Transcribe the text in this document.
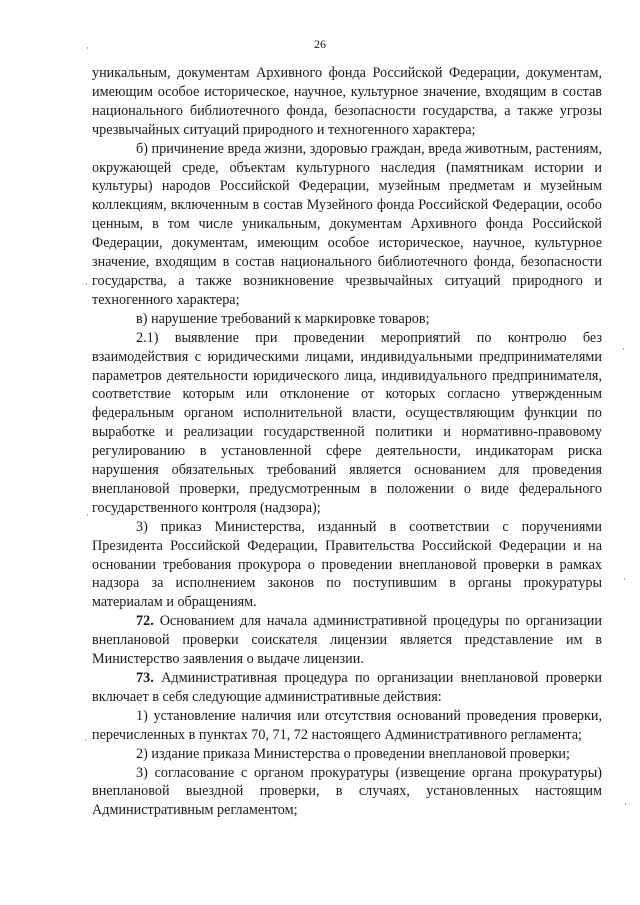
26

уникальным, документам Архивного фонда Российской Федерации, документам, имеющим особое историческое, научное, культурное значение, входящим в состав национального библиотечного фонда, безопасности государства, а также угрозы чрезвычайных ситуаций природного и техногенного характера;

б) причинение вреда жизни, здоровью граждан, вреда животным, растениям, окружающей среде, объектам культурного наследия (памятникам истории и культуры) народов Российской Федерации, музейным предметам и музейным коллекциям, включенным в состав Музейного фонда Российской Федерации, особо ценным, в том числе уникальным, документам Архивного фонда Российской Федерации, документам, имеющим особое историческое, научное, культурное значение, входящим в состав национального библиотечного фонда, безопасности государства, а также возникновение чрезвычайных ситуаций природного и техногенного характера;

в) нарушение требований к маркировке товаров;

2.1) выявление при проведении мероприятий по контролю без взаимодействия с юридическими лицами, индивидуальными предпринимателями параметров деятельности юридического лица, индивидуального предпринимателя, соответствие которым или отклонение от которых согласно утвержденным федеральным органом исполнительной власти, осуществляющим функции по выработке и реализации государственной политики и нормативно-правовому регулированию в установленной сфере деятельности, индикаторам риска нарушения обязательных требований является основанием для проведения внеплановой проверки, предусмотренным в положении о виде федерального государственного контроля (надзора);

3) приказ Министерства, изданный в соответствии с поручениями Президента Российской Федерации, Правительства Российской Федерации и на основании требования прокурора о проведении внеплановой проверки в рамках надзора за исполнением законов по поступившим в органы прокуратуры материалам и обращениям.

72. Основанием для начала административной процедуры по организации внеплановой проверки соискателя лицензии является представление им в Министерство заявления о выдаче лицензии.

73. Административная процедура по организации внеплановой проверки включает в себя следующие административные действия:

1) установление наличия или отсутствия оснований проведения проверки, перечисленных в пунктах 70, 71, 72 настоящего Административного регламента;

2) издание приказа Министерства о проведении внеплановой проверки;

3) согласование с органом прокуратуры (извещение органа прокуратуры) внеплановой выездной проверки, в случаях, установленных настоящим Административным регламентом;

·
·
·
·
·
·
·
